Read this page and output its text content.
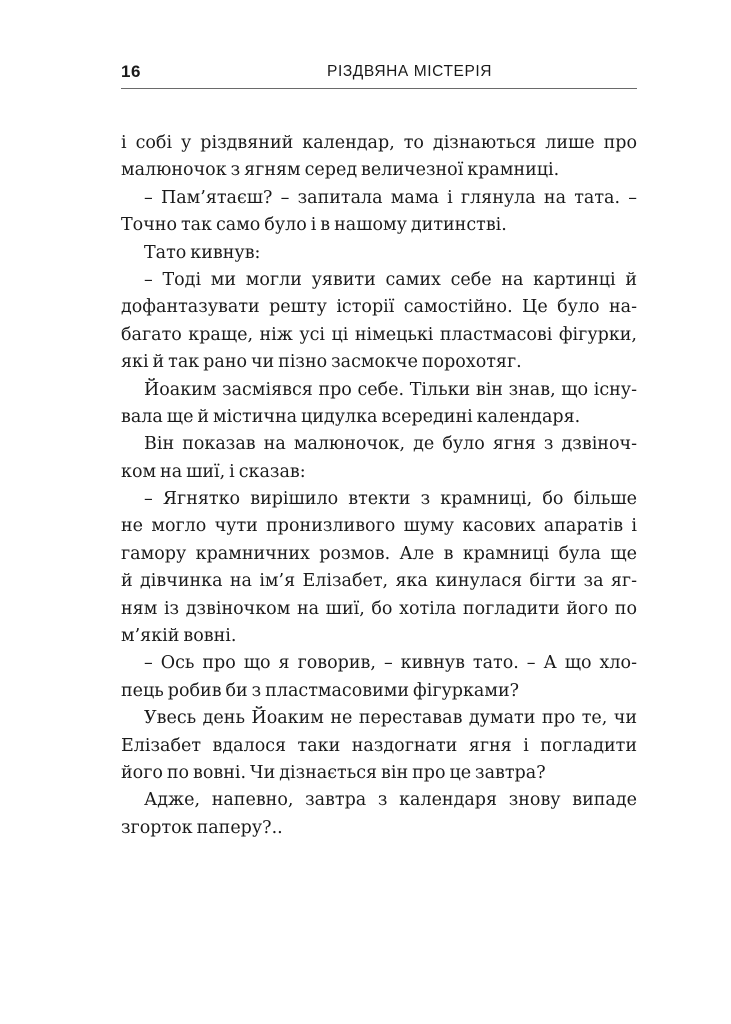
16	РІЗДВЯНА МІСТЕРІЯ
і собі у різдвяний календар, то дізнаються лише про
малюночок з ягням серед величезної крамниці.
– Пам’ятаєш? – запитала мама і глянула на тата. –
Точно так само було і в нашому дитинстві.
Тато кивнув:
– Тоді ми могли уявити самих себе на картинці й
дофантазувати решту історії самостійно. Це було на-
багато краще, ніж усі ці німецькі пластмасові фігурки,
які й так рано чи пізно засмокче порохотяг.
Йоаким засміявся про себе. Тільки він знав, що існу-
вала ще й містична цидулка всередині календаря.
Він показав на малюночок, де було ягня з дзвіноч-
ком на шиї, і сказав:
– Ягнятко вирішило втекти з крамниці, бо більше
не могло чути пронизливого шуму касових апаратів і
гамору крамничних розмов. Але в крамниці була ще
й дівчинка на ім’я Елізабет, яка кинулася бігти за яг-
ням із дзвіночком на шиї, бо хотіла погладити його по
м’якій вовні.
– Ось про що я говорив, – кивнув тато. – А що хло-
пець робив би з пластмасовими фігурками?
Увесь день Йоаким не переставав думати про те, чи
Елізабет вдалося таки наздогнати ягня і погладити
його по вовні. Чи дізнається він про це завтра?
Адже, напевно, завтра з календаря знову випаде
згорток паперу?..
